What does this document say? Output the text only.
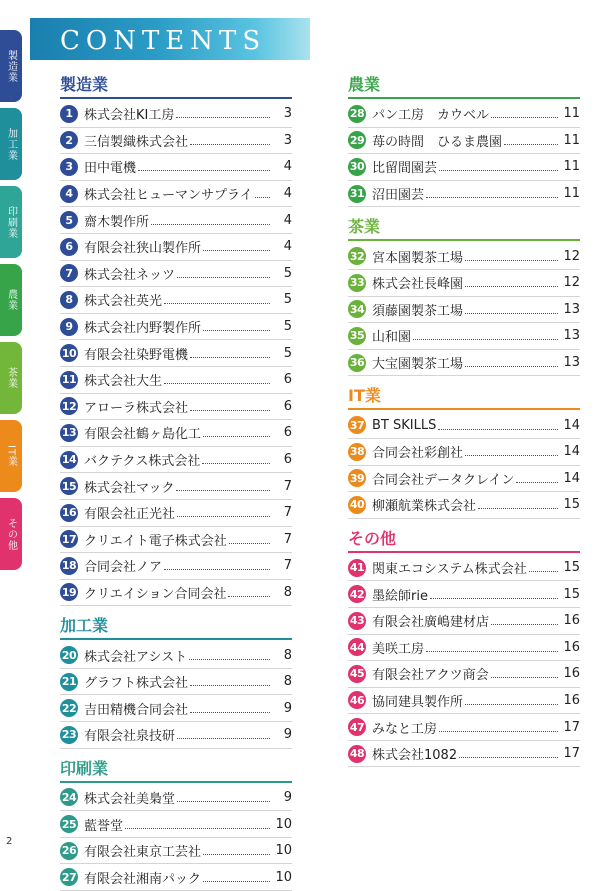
製造業
加工業
印刷業
農業
茶業
IT業
その他
CONTENTS
製造業
1 株式会社KI工房	3
2 三信製織株式会社	3
3 田中電機	4
4 株式会社ヒューマンサプライ	4
5 齋木製作所	4
6 有限会社狭山製作所	4
7 株式会社ネッツ	5
8 株式会社英光	5
9 株式会社内野製作所	5
10 有限会社染野電機	5
11 株式会社大生	6
12 アローラ株式会社	6
13 有限会社鶴ヶ島化工	6
14 バクテクス株式会社	6
15 株式会社マック	7
16 有限会社正光社	7
17 クリエイト電子株式会社	7
18 合同会社ノア	7
19 クリエイション合同会社	8
加工業
20 株式会社アシスト	8
21 グラフト株式会社	8
22 吉田精機合同会社	9
23 有限会社泉技研	9
印刷業
24 株式会社美梟堂	9
25 藍誉堂	10
26 有限会社東京工芸社	10
27 有限会社湘南パック	10
農業
28 パン工房　カウベル	11
29 苺の時間　ひるま農園	11
30 比留間園芸	11
31 沼田園芸	11
茶業
32 宮本園製茶工場	12
33 株式会社長峰園	12
34 須藤園製茶工場	13
35 山和園	13
36 大宝園製茶工場	13
IT業
37 BT SKILLS	14
38 合同会社彩創社	14
39 合同会社データクレイン	14
40 柳瀬航業株式会社	15
その他
41 関東エコシステム株式会社	15
42 墨絵師rie	15
43 有限会社廣嶋建材店	16
44 美咲工房	16
45 有限会社アクツ商会	16
46 協同建具製作所	16
47 みなと工房	17
48 株式会社1082	17
2
